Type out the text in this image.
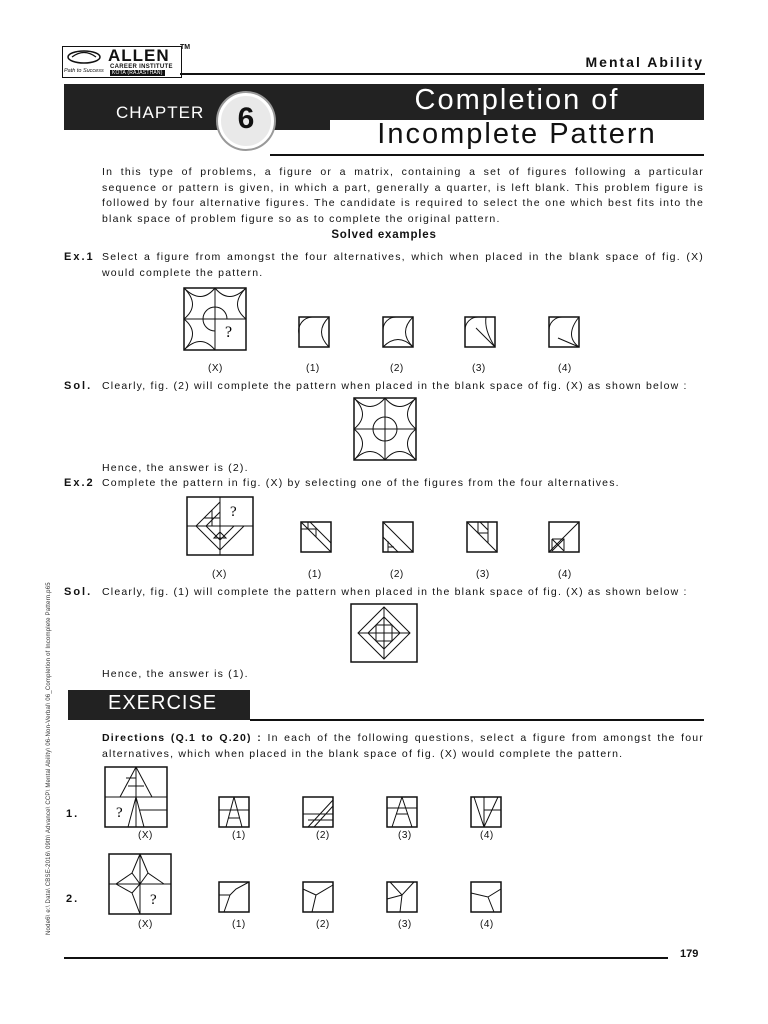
ALLEN TM
CAREER INSTITUTE
KOTA (RAJASTHAN)
Path to Success
Mental Ability
CHAPTER	6
Completion of
Incomplete Pattern
In this type of problems, a figure or a matrix, containing a set of figures following a particular sequence or pattern is given, in which a part, generally a quarter, is left blank. This problem figure is followed by four alternative figures. The candidate is required to select the one which best fits into the blank space of problem figure so as to complete the original pattern.
Solved examples
Ex.1 Select a figure from amongst the four alternatives, which when placed in the blank space of fig. (X) would complete the pattern.
?
(X)	(1)	(2)	(3)	(4)
Sol. Clearly, fig. (2) will complete the pattern when placed in the blank space of fig. (X) as shown below :
Hence, the answer is (2).
Ex.2 Complete the pattern in fig. (X) by selecting one of the figures from the four alternatives.
?
(X)	(1)	(2)	(3)	(4)
Sol. Clearly, fig. (1) will complete the pattern when placed in the blank space of fig. (X) as shown below :
Hence, the answer is (1).
EXERCISE
Directions (Q.1 to Q.20) : In each of the following questions, select a figure from amongst the four alternatives, which when placed in the blank space of fig. (X) would complete the pattern.
1. ?
(X)	(1)	(2)	(3)	(4)
2.	?
(X)	(1)	(2)	(3)	(4)
179
Node6\ e:\ Data\ CBSE-2016\ 09th\ Advance\ CCP\ Mental Ability\ 06-Non-Verbal\ 06_Completion of Incomplete Pattern.p65
